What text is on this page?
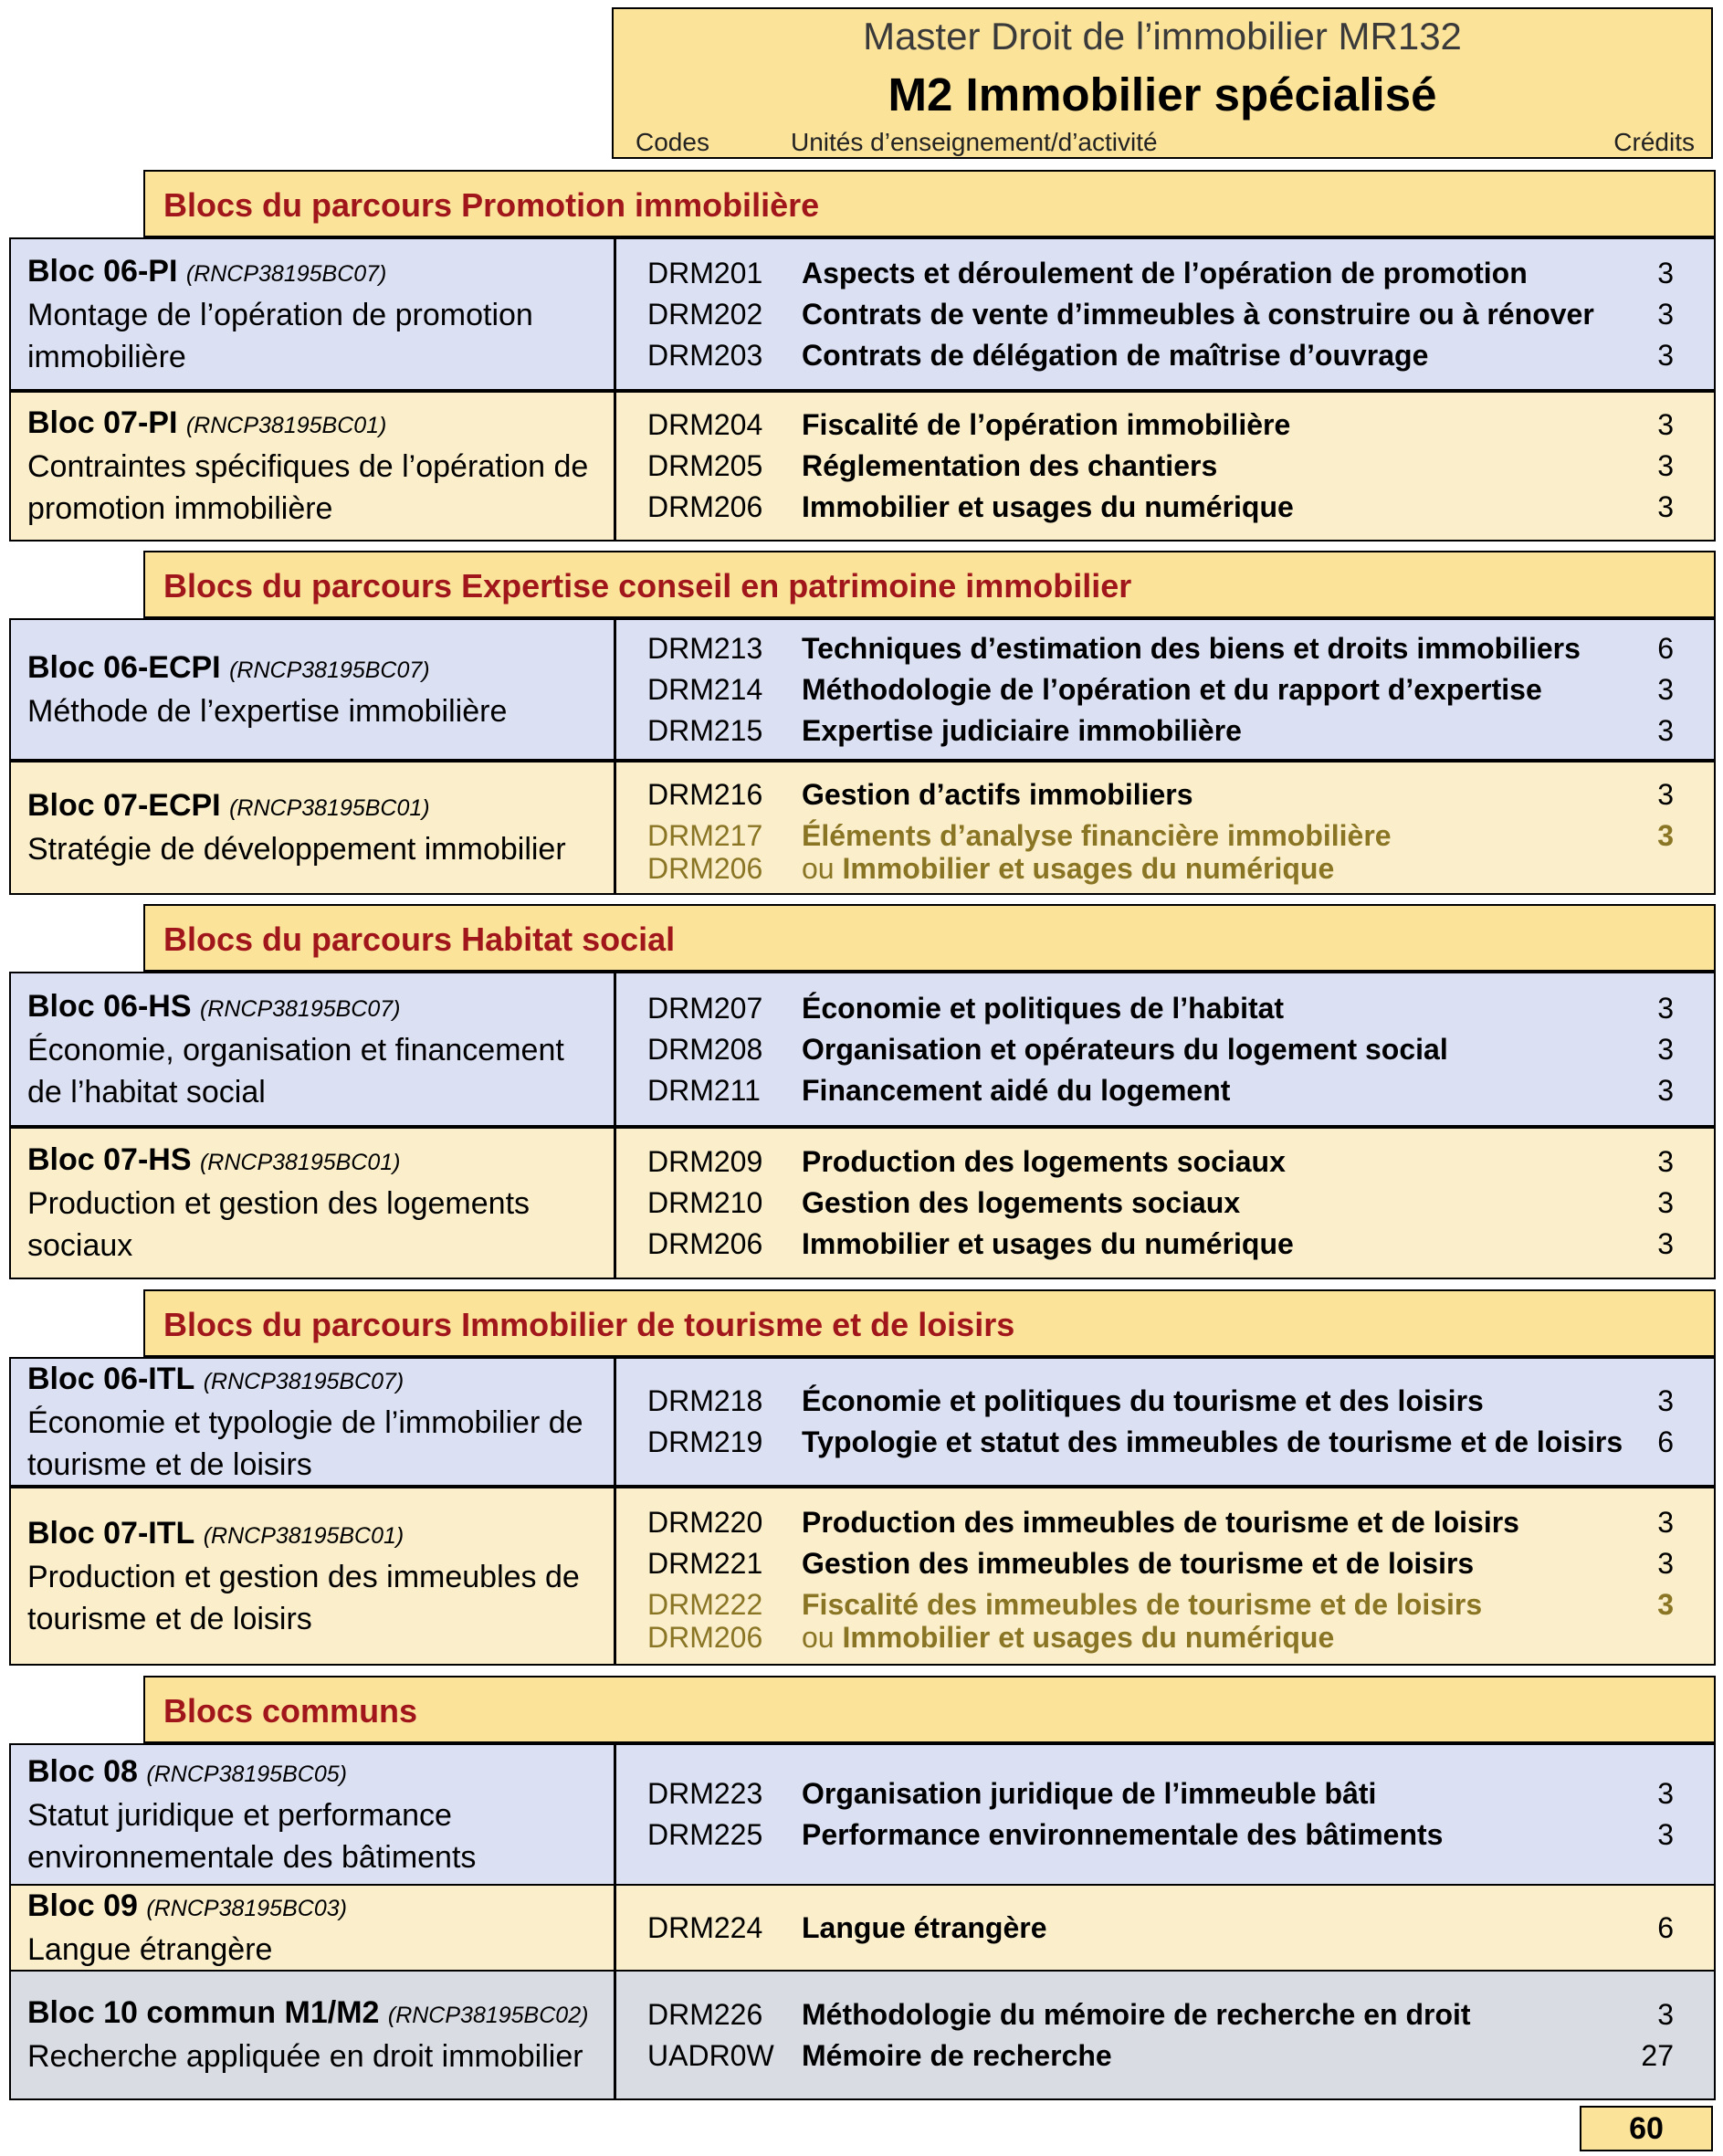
Master Droit de l’immobilier MR132
M2 Immobilier spécialisé
Codes	Unités d’enseignement/d’activité	Crédits
Blocs du parcours Promotion immobilière
Bloc 06-PI (RNCP38195BC07)
Montage de l’opération de promotion immobilière
DRM201 Aspects et déroulement de l’opération de promotion	3
DRM202 Contrats de vente d’immeubles à construire ou à rénover 3
DRM203 Contrats de délégation de maîtrise d’ouvrage	3
Bloc 07-PI (RNCP38195BC01)
Contraintes spécifiques de l’opération de promotion immobilière
DRM204 Fiscalité de l’opération immobilière	3
DRM205 Réglementation des chantiers	3
DRM206 Immobilier et usages du numérique	3
Blocs du parcours Expertise conseil en patrimoine immobilier
Bloc 06-ECPI (RNCP38195BC07)
Méthode de l’expertise immobilière
DRM213 Techniques d’estimation des biens et droits immobiliers	6
DRM214 Méthodologie de l’opération et du rapport d’expertise	3
DRM215 Expertise judiciaire immobilière	3
Bloc 07-ECPI (RNCP38195BC01)
Stratégie de développement immobilier
DRM216 Gestion d’actifs immobiliers	3
DRM217 Éléments d’analyse financière immobilière	3
DRM206 ou Immobilier et usages du numérique
Blocs du parcours Habitat social
Bloc 06-HS (RNCP38195BC07)
Économie, organisation et financement de l’habitat social
DRM207 Économie et politiques de l’habitat	3
DRM208 Organisation et opérateurs du logement social	3
DRM211 Financement aidé du logement	3
Bloc 07-HS (RNCP38195BC01)
Production et gestion des logements sociaux
DRM209 Production des logements sociaux	3
DRM210 Gestion des logements sociaux	3
DRM206 Immobilier et usages du numérique	3
Blocs du parcours Immobilier de tourisme et de loisirs
Bloc 06-ITL (RNCP38195BC07)
Économie et typologie de l’immobilier de tourisme et de loisirs
DRM218 Économie et politiques du tourisme et des loisirs	3
DRM219 Typologie et statut des immeubles de tourisme et de loisirs 6
Bloc 07-ITL (RNCP38195BC01)
Production et gestion des immeubles de tourisme et de loisirs
DRM220 Production des immeubles de tourisme et de loisirs	3
DRM221 Gestion des immeubles de tourisme et de loisirs	3
DRM222 Fiscalité des immeubles de tourisme et de loisirs	3
DRM206 ou Immobilier et usages du numérique
Blocs communs
Bloc 08 (RNCP38195BC05)
Statut juridique et performance environnementale des bâtiments
DRM223 Organisation juridique de l’immeuble bâti	3
DRM225 Performance environnementale des bâtiments	3
Bloc 09 (RNCP38195BC03)
Langue étrangère
DRM224 Langue étrangère	6
Bloc 10 commun M1/M2 (RNCP38195BC02)
Recherche appliquée en droit immobilier
DRM226 Méthodologie du mémoire de recherche en droit	3
UADR0W Mémoire de recherche	27
60
